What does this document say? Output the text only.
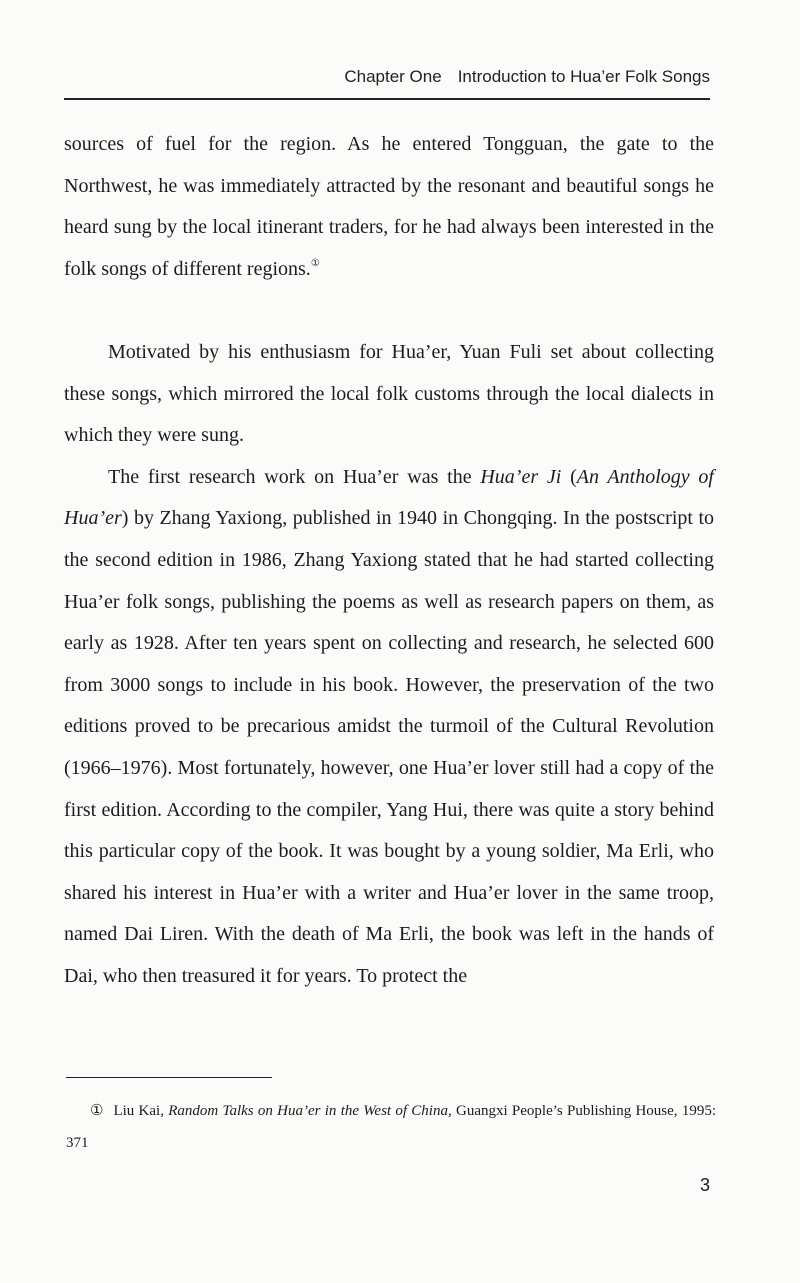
Chapter One Introduction to Hua’er Folk Songs

sources of fuel for the region. As he entered Tongguan, the gate to the Northwest, he was immediately attracted by the resonant and beautiful songs he heard sung by the local itinerant traders, for he had always been interested in the folk songs of different regions.①

Motivated by his enthusiasm for Hua’er, Yuan Fuli set about collecting these songs, which mirrored the local folk customs through the local dialects in which they were sung.

The first research work on Hua’er was the Hua’er Ji (An Anthology of Hua’er) by Zhang Yaxiong, published in 1940 in Chongqing. In the postscript to the second edition in 1986, Zhang Yaxiong stated that he had started collecting Hua’er folk songs, publishing the poems as well as research papers on them, as early as 1928. After ten years spent on collecting and research, he selected 600 from 3000 songs to include in his book. However, the preservation of the two editions proved to be precarious amidst the turmoil of the Cultural Revolution (1966–1976). Most fortunately, however, one Hua’er lover still had a copy of the first edition. According to the compiler, Yang Hui, there was quite a story behind this particular copy of the book. It was bought by a young soldier, Ma Erli, who shared his interest in Hua’er with a writer and Hua’er lover in the same troop, named Dai Liren. With the death of Ma Erli, the book was left in the hands of Dai, who then treasured it for years. To protect the

① Liu Kai, Random Talks on Hua’er in the West of China, Guangxi People’s Publishing House, 1995: 371
3
